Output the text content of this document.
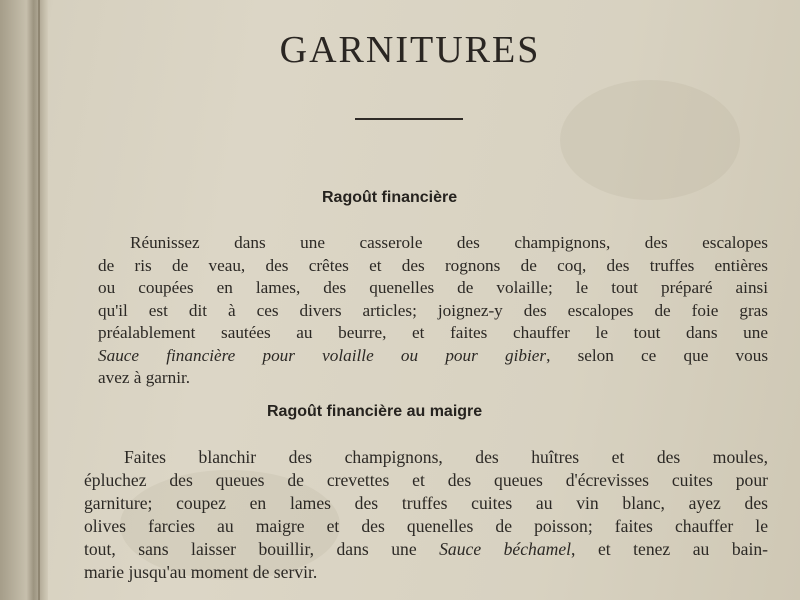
GARNITURES
Ragoût financière
Réunissez dans une casserole des champignons, des escalopes
de ris de veau, des crêtes et des rognons de coq, des truffes entières
ou coupées en lames, des quenelles de volaille; le tout préparé ainsi
qu'il est dit à ces divers articles; joignez-y des escalopes de foie gras
préalablement sautées au beurre, et faites chauffer le tout dans une
Sauce financière pour volaille ou pour gibier, selon ce que vous
avez à garnir.
Ragoût financière au maigre
Faites blanchir des champignons, des huîtres et des moules,
épluchez des queues de crevettes et des queues d'écrevisses cuites pour
garniture; coupez en lames des truffes cuites au vin blanc, ayez des
olives farcies au maigre et des quenelles de poisson; faites chauffer le
tout, sans laisser bouillir, dans une Sauce béchamel, et tenez au bain-
marie jusqu'au moment de servir.
